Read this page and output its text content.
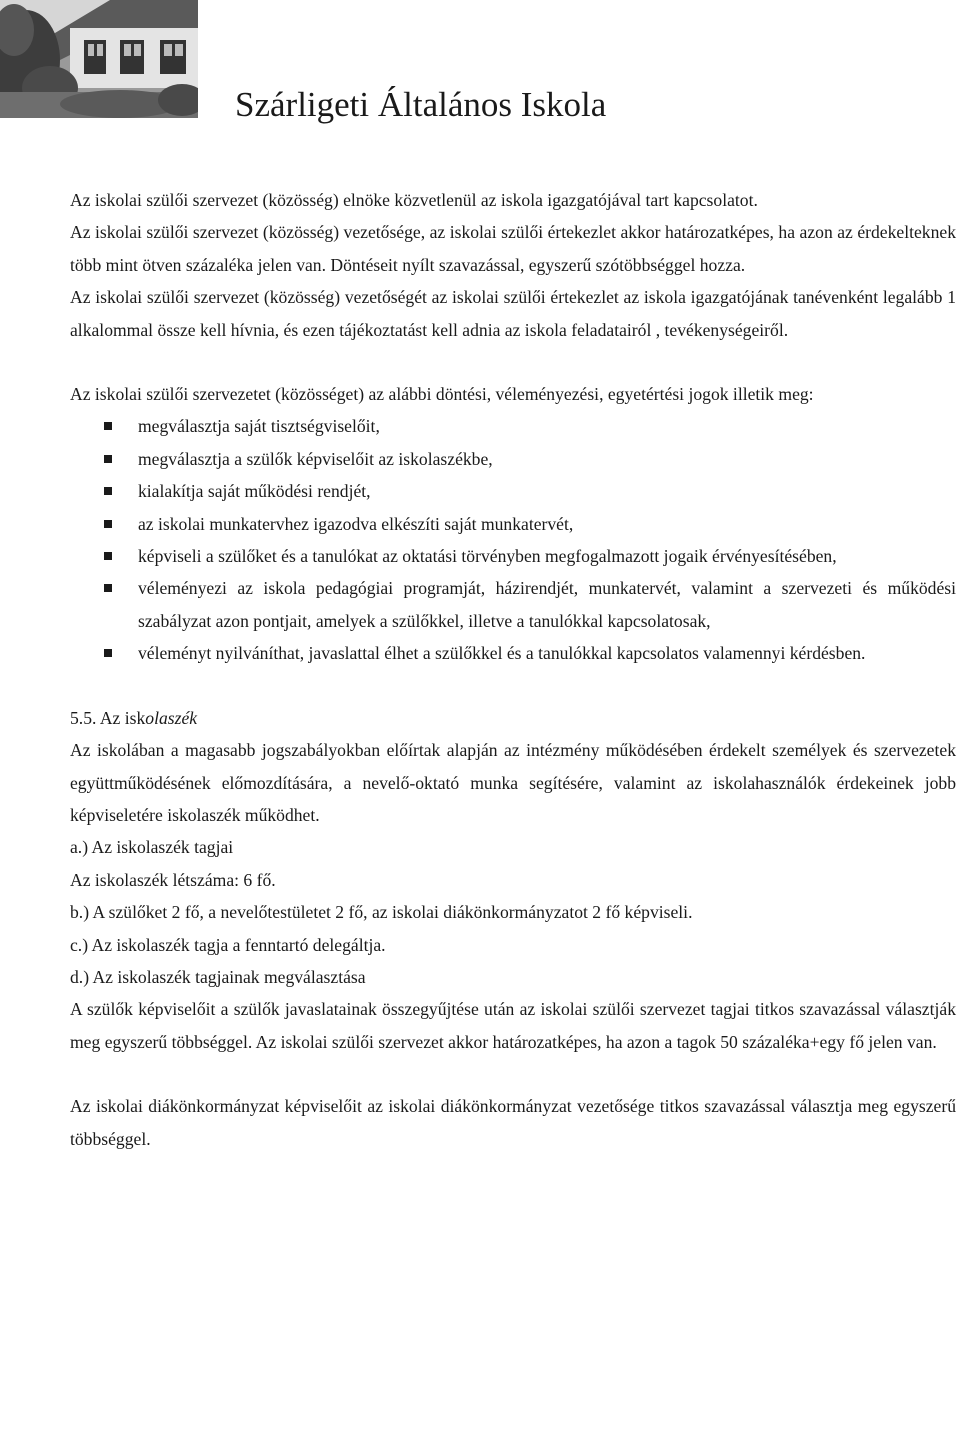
Szárligeti Általános Iskola

Az iskolai szülői szervezet (közösség) elnöke közvetlenül az iskola igazgatójával tart kapcsolatot.

Az iskolai szülői szervezet (közösség) vezetősége, az iskolai szülői értekezlet akkor határozatképes, ha azon az érdekelteknek több mint ötven százaléka jelen van. Döntéseit nyílt szavazással, egyszerű szótöbbséggel hozza.

Az iskolai szülői szervezet (közösség) vezetőségét az iskolai szülői értekezlet az iskola igazgatójának tanévenként legalább 1 alkalommal össze kell hívnia, és ezen tájékoztatást kell adnia az iskola feladatairól , tevékenységeiről.

Az iskolai szülői szervezetet (közösséget) az alábbi döntési, véleményezési, egyetértési jogok illetik meg:

megválasztja saját tisztségviselőit,
megválasztja a szülők képviselőit az iskolaszékbe,
kialakítja saját működési rendjét,
az iskolai munkatervhez igazodva elkészíti saját munkatervét,
képviseli a szülőket és a tanulókat az oktatási törvényben megfogalmazott jogaik érvényesítésében,
véleményezi az iskola pedagógiai programját, házirendjét, munkatervét, valamint a szervezeti és működési szabályzat azon pontjait, amelyek a szülőkkel, illetve a tanulókkal kapcsolatosak,
véleményt nyilváníthat, javaslattal élhet a szülőkkel és a tanulókkal kapcsolatos valamennyi kérdésben.

5.5. Az iskolaszék

Az iskolában a magasabb jogszabályokban előírtak alapján az intézmény működésében érdekelt személyek és szervezetek együttműködésének előmozdítására, a nevelő-oktató munka segítésére, valamint az iskolahasználók érdekeinek jobb képviseletére iskolaszék működhet.

a.) Az iskolaszék tagjai

Az iskolaszék létszáma: 6 fő.

b.) A szülőket 2 fő, a nevelőtestületet 2 fő, az iskolai diákönkormányzatot 2 fő képviseli.

c.) Az iskolaszék tagja a fenntartó delegáltja.

d.) Az iskolaszék tagjainak megválasztása

A szülők képviselőit a szülők javaslatainak összegyűjtése után az iskolai szülői szervezet tagjai titkos szavazással választják meg egyszerű többséggel. Az iskolai szülői szervezet akkor határozatképes, ha azon a tagok 50 százaléka+egy fő jelen van.

Az iskolai diákönkormányzat képviselőit az iskolai diákönkormányzat vezetősége titkos szavazással választja meg egyszerű többséggel.
